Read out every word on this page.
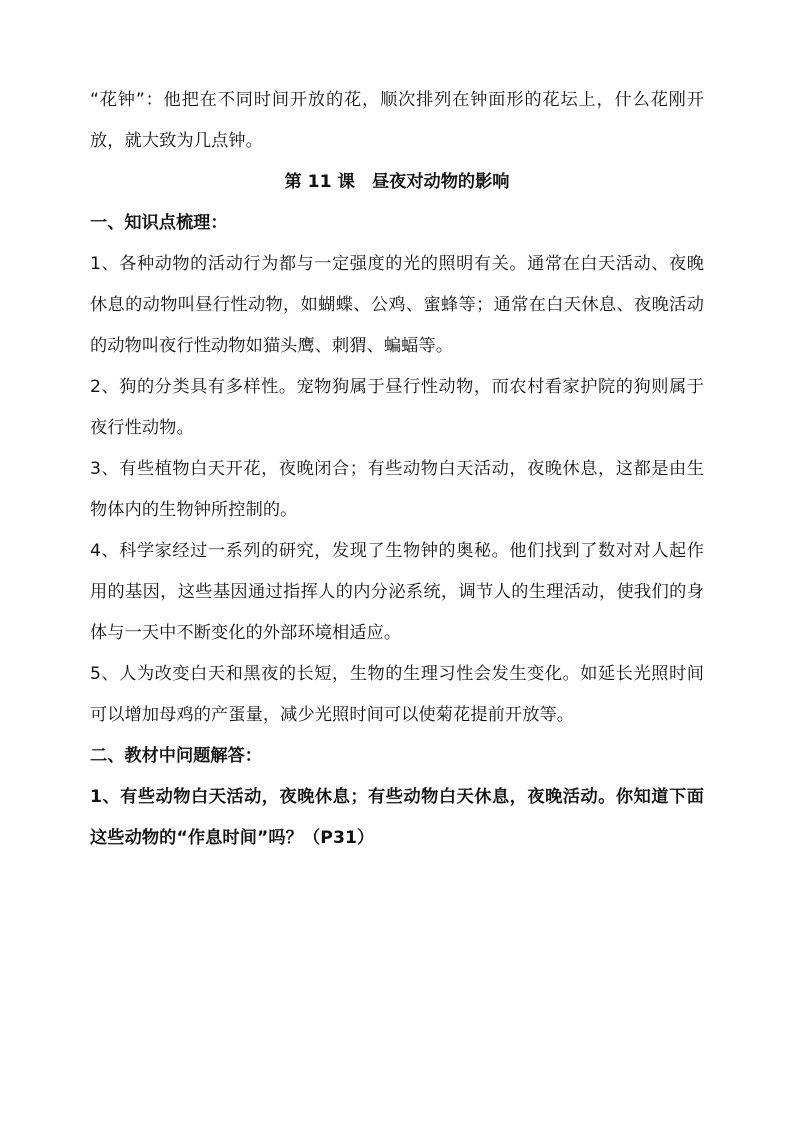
“花钟”：他把在不同时间开放的花，顺次排列在钟面形的花坛上，什么花刚开放，就大致为几点钟。

第 11 课　昼夜对动物的影响

一、知识点梳理：

1、各种动物的活动行为都与一定强度的光的照明有关。通常在白天活动、夜晚休息的动物叫昼行性动物，如蝴蝶、公鸡、蜜蜂等；通常在白天休息、夜晚活动的动物叫夜行性动物如猫头鹰、刺猬、蝙蝠等。

2、狗的分类具有多样性。宠物狗属于昼行性动物，而农村看家护院的狗则属于夜行性动物。

3、有些植物白天开花，夜晚闭合；有些动物白天活动，夜晚休息，这都是由生物体内的生物钟所控制的。

4、科学家经过一系列的研究，发现了生物钟的奥秘。他们找到了数对对人起作用的基因，这些基因通过指挥人的内分泌系统，调节人的生理活动，使我们的身体与一天中不断变化的外部环境相适应。

5、人为改变白天和黑夜的长短，生物的生理习性会发生变化。如延长光照时间可以增加母鸡的产蛋量，减少光照时间可以使菊花提前开放等。

二、教材中问题解答：

1、有些动物白天活动，夜晚休息；有些动物白天休息，夜晚活动。你知道下面这些动物的“作息时间”吗？（P31）
